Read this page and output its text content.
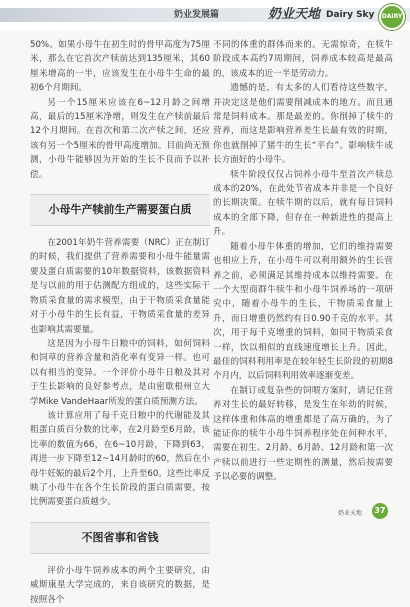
奶业发展篇	奶业天地 Dairy Sky	DAIRY

50%。如果小母牛在初生时的骨甲高度为75厘米，那么在它首次产犊前达到135厘米，其60厘米增高的一半，应该发生在小母牛生命的最初6个月期间。

另一个15厘米应该在6~12月龄之间增高，最后的15厘米净增，则发生在产犊前最后12个月期间。在首次和第二次产犊之间，还应该有另一个5厘米的骨甲高度增加。目前尚无预测，小母牛能够因为开始的生长不良而予以补偿。

小母牛产犊前生产需要蛋白质

在2001年奶牛营养需要（NRC）正在制订的时候，我们提供了营养需要和小母牛能量需要及蛋白质需要的10年数据资料，该数据资料是与以前的用于估测配方组成的，这些实际干物质采食量的需求模型，由于干物质采食量能对于小母牛的生长有益，干物质采食量的差异也影响其需要量。

这是因为小母牛日粮中的饲料，如何饲料和饲草的营养含量和消化率有变异一样。也可以有相当的变异。一个评价小母牛日粮及其对于生长影响的良好参考点，是由密歇根州立大学Mike VandeHaar所发的蛋白质预测方法。

该计算应用了每千克日粮中的代谢能及其粗蛋白质百分数的比率，在2月龄至6月龄，该比率的数值为66，在6~10月龄，下降到63，再进一步下降至12~14月龄时的60，然后在小母牛妊娠的最后2个月，上升至60。这些比率反映了小母牛在各个生长阶段的蛋白质需要，按比例需要蛋白质越少。

不图省事和省钱

评价小母牛饲养成本的两个主要研究，由威斯康星大学完成的，来自该研究的数据，是按照各个

不同的体重的群体而来的。无需惊奇，在犊牛阶段成本高约7周期间，饲养成本较高是最高的，该成本的近一半是劳动力。

遗憾的是，有太多的人们看待这些数字，并决定这是他们需要削减成本的地方。而且通常是饲料成本。那是最差的。你削掉了犊牛的营养，而这是影响营养差生长最有效的时期，你也就削掉了猪牛的生长“平台”。影响犊牛成长方面好的小母牛。

犊牛阶段仅仅占饲养小母牛至首次产犊总成本的20%，在此处节省成本并非是一个良好的长期决策。在犊牛期的以后，就有每日饲料成本的全部下降，但存在一种新进性的提高上升。

随着小母牛体重的增加，它们的维持需要也相应上升，在小母牛可以利用额外的生长营养之前，必须满足其维持成本以维持需要。在一个大型商群牛犊牛和小母牛饲养场的一项研究中，随着小母牛的生长，干物质采食量上升，而日增重仍然约有日0.90千克的水平。其次，用于每千克增重的饲料，如同干物质采食一样，饮以相似的直线速度增长上升。因此，最佳的饲料利用率是在较年轻生长阶段的初期8个月内，以后饲料利用效率逐渐变差。

在制订成复杂些的饲喂方案时，请记住营养对生长的最好转移，是发生在年幼的时候，这样体重和体高的增重都是了高万确的，为了能证你的犊牛小母牛饲养程序处在何种水平，需要在初生、2月龄、6月龄、12月龄和第一次产犊以前进行一些定期性的测量，然后按需要予以必要的调整。

奶业天地	37
